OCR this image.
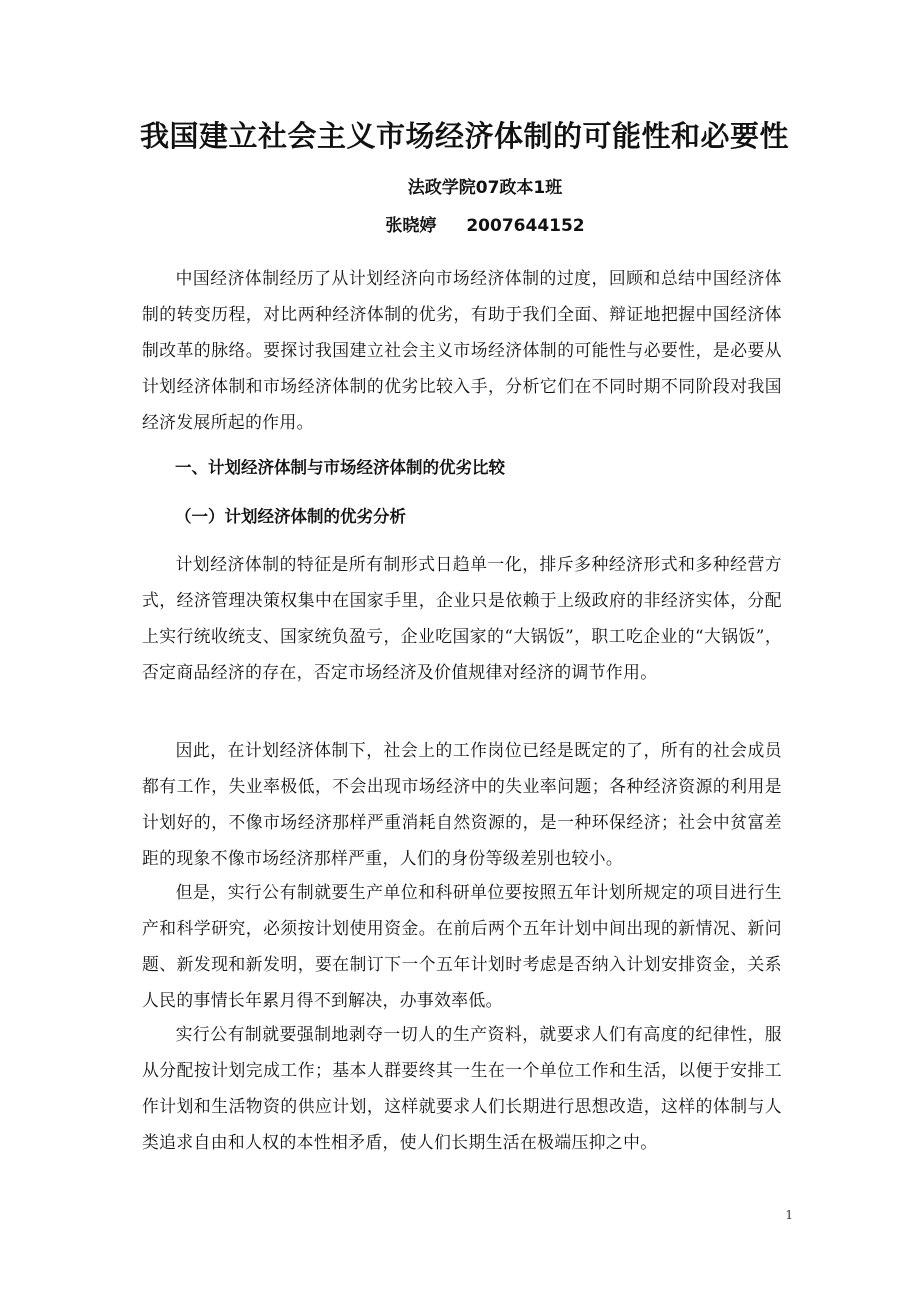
我国建立社会主义市场经济体制的可能性和必要性
法政学院07政本1班
张晓婷 2007644152

中国经济体制经历了从计划经济向市场经济体制的过度，回顾和总结中国经济体制的转变历程，对比两种经济体制的优劣，有助于我们全面、辩证地把握中国经济体制改革的脉络。要探讨我国建立社会主义市场经济体制的可能性与必要性，是必要从计划经济体制和市场经济体制的优劣比较入手，分析它们在不同时期不同阶段对我国经济发展所起的作用。

一、计划经济体制与市场经济体制的优劣比较
（一）计划经济体制的优劣分析

计划经济体制的特征是所有制形式日趋单一化，排斥多种经济形式和多种经营方式，经济管理决策权集中在国家手里，企业只是依赖于上级政府的非经济实体，分配上实行统收统支、国家统负盈亏，企业吃国家的“大锅饭”，职工吃企业的“大锅饭”，否定商品经济的存在，否定市场经济及价值规律对经济的调节作用。

因此，在计划经济体制下，社会上的工作岗位已经是既定的了，所有的社会成员都有工作，失业率极低，不会出现市场经济中的失业率问题；各种经济资源的利用是计划好的，不像市场经济那样严重消耗自然资源的，是一种环保经济；社会中贫富差距的现象不像市场经济那样严重，人们的身份等级差别也较小。

但是，实行公有制就要生产单位和科研单位要按照五年计划所规定的项目进行生产和科学研究，必须按计划使用资金。在前后两个五年计划中间出现的新情况、新问题、新发现和新发明，要在制订下一个五年计划时考虑是否纳入计划安排资金，关系人民的事情长年累月得不到解决，办事效率低。

实行公有制就要强制地剥夺一切人的生产资料，就要求人们有高度的纪律性，服从分配按计划完成工作；基本人群要终其一生在一个单位工作和生活，以便于安排工作计划和生活物资的供应计划，这样就要求人们长期进行思想改造，这样的体制与人类追求自由和人权的本性相矛盾，使人们长期生活在极端压抑之中。

1
